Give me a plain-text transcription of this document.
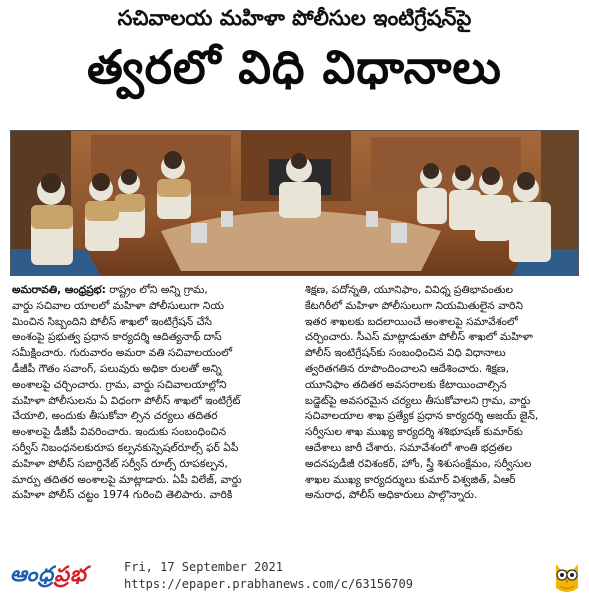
సచివాలయ మహిళా పోలీసుల ఇంటిగ్రేషన్‌పై
త్వరలో విధి విధానాలు

అమరావతి, ఆంధ్రప్రభ: రాష్ట్రం లోని అన్ని గ్రామ,

వార్డు సచివాల యాలలో మహిళా పోలీసులుగా నియ

మించిన సిబ్బందిని పోలీస్ శాఖలో ఇంటిగ్రేషన్ చేసే

అంశంపై ప్రభుత్వ ప్రధాన కార్యదర్శి ఆదిత్యనాథ్ దాస్

సమీక్షించారు. గురువారం అమరా వతి సచివాలయంలో

డీజీపీ గౌతం సవాంగ్, పలువురు అధికా రులతో అన్ని

అంశాలపై చర్చించారు. గ్రామ, వార్డు సచివాలయాల్లోని

మహిళా పోలీసులను ఏ విధంగా పోలీస్ శాఖలో ఇంటిగ్రేట్

చేయాలి, అందుకు తీసుకోవా ల్సిన చర్యలు తదితర

అంశాలపై డీజీపీ వివరించారు. ఇందుకు సంబంధించిన

సర్వీస్ నిబంధనలకురూప కల్పనకుస్పెషల్‌రూల్స్ ఫర్ ఏపీ

మహిళా పోలీస్ సబార్డినేట్ సర్వీస్ రూల్స్ రూపకల్పన,

మార్పు తదితర అంశాలపై మాట్లాడారు. ఏపీ విలేజ్, వార్డు

మహిళా పోలీస్ చట్టం 1974 గురించి తెలిపారు. వారికి

శిక్షణ, పదోన్నతి, యూనిఫాం, వివిధ్న ప్రతిభావంతుల

కేటగిరీలో మహిళా పోలీసులుగా నియమితులైన వారిని

ఇతర శాఖలకు బదలాయించే అంశాలపై సమావేశంలో

చర్చించారు. సీఎస్ మాట్లాడుతూ పోలీస్ శాఖలో మహిళా

పోలీస్ ఇంటిగ్రేషన్‌కు సంబంధించిన విధి విధానాలు

త్వరితగతిన రూపొందించాలని ఆదేశించారు. శిక్షణ,

యూనిఫాం తదితర అవసరాలకు కేటాయించాల్సిన

బడ్జెట్‌పై అవసరమైన చర్యలు తీసుకోవాలని గ్రామ, వార్డు

సచివాలయాల శాఖ ప్రత్యేక ప్రధాన కార్యదర్శి అజయ్ జైన్,

సర్వీసుల శాఖ ముఖ్య కార్యదర్శి శశిభూషణ్ కుమార్‌కు

ఆదేశాలు జారీ చేశారు. సమావేశంలో శాంతి భద్రతల

అదనపుడీజీ రవిశంకర్, హోం, స్త్రీ శిశుసంక్షేమం, సర్వీసుల

శాఖల ముఖ్య కార్యదర్శులు కుమార్ విశ్వజిత్, ఏఆర్

అనురాధ, పోలీస్ అధికారులు పాల్గొన్నారు.

ఆంధ్రప్రభ	Fri, 17 September 2021
https://epaper.prabhanews.com/c/63156709
